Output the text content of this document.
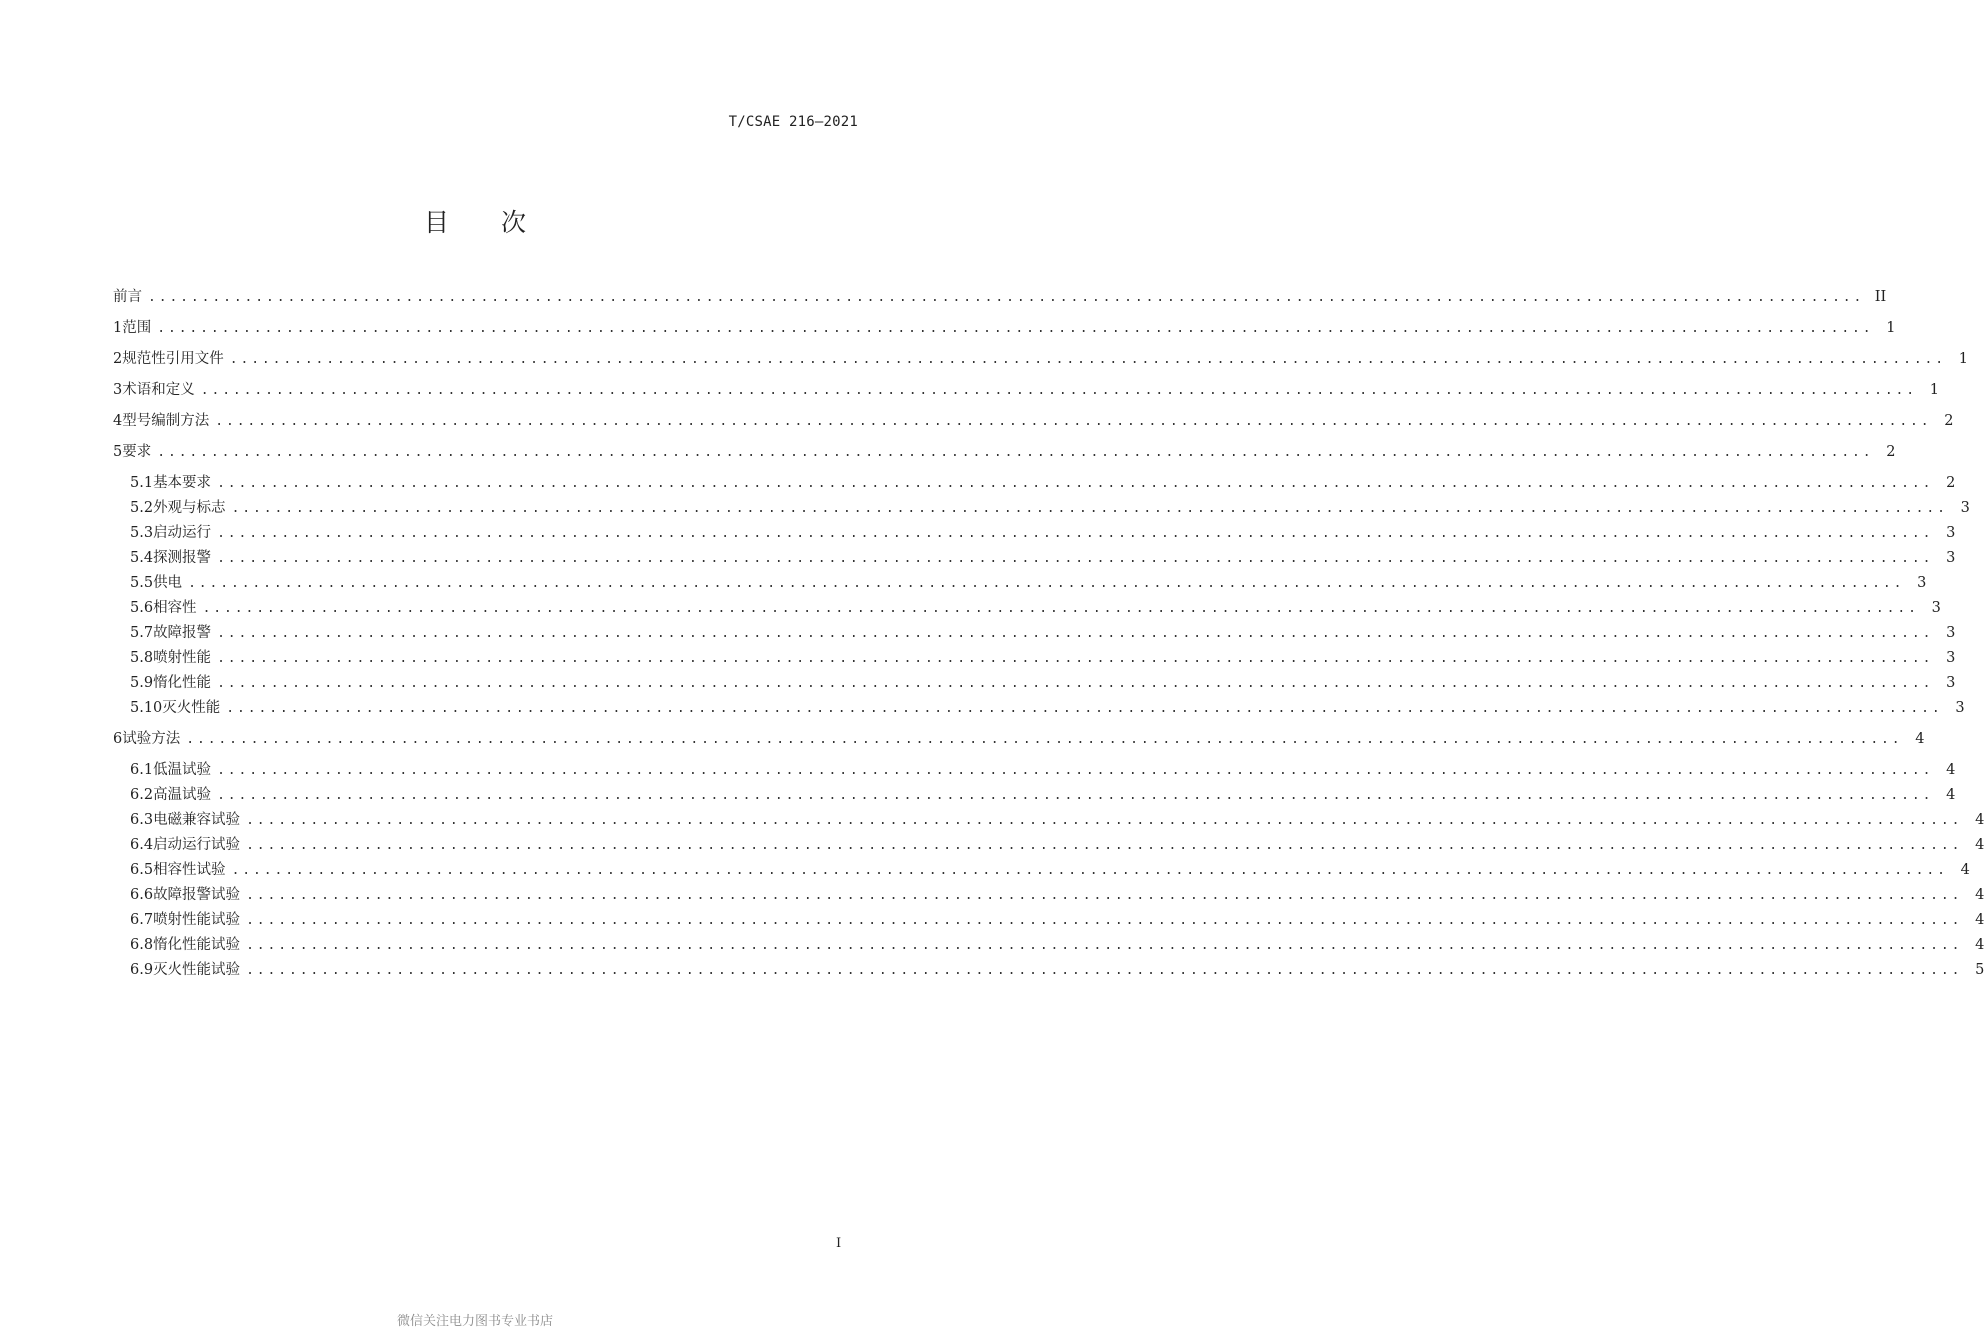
T/CSAE 216—2021
目 次
前言 ................................................................................................................................................................ II
1 范围 ................................................................................................................................................................ 1
2 规范性引用文件 ................................................................................................................................................................ 1
3 术语和定义 ................................................................................................................................................................ 1
4 型号编制方法 ................................................................................................................................................................ 2
5 要求 ................................................................................................................................................................ 2
5.1 基本要求 ................................................................................................................................................................ 2
5.2 外观与标志 ................................................................................................................................................................ 3
5.3 启动运行 ................................................................................................................................................................ 3
5.4 探测报警 ................................................................................................................................................................ 3
5.5 供电 ................................................................................................................................................................ 3
5.6 相容性 ................................................................................................................................................................ 3
5.7 故障报警 ................................................................................................................................................................ 3
5.8 喷射性能 ................................................................................................................................................................ 3
5.9 惰化性能 ................................................................................................................................................................ 3
5.10 灭火性能 ................................................................................................................................................................ 3
6 试验方法 ................................................................................................................................................................ 4
6.1 低温试验 ................................................................................................................................................................ 4
6.2 高温试验 ................................................................................................................................................................ 4
6.3 电磁兼容试验 ................................................................................................................................................................ 4
6.4 启动运行试验 ................................................................................................................................................................ 4
6.5 相容性试验 ................................................................................................................................................................ 4
6.6 故障报警试验 ................................................................................................................................................................ 4
6.7 喷射性能试验 ................................................................................................................................................................ 4
6.8 惰化性能试验 ................................................................................................................................................................ 4
6.9 灭火性能试验 ................................................................................................................................................................ 5
I
微信关注电力图书专业书店
